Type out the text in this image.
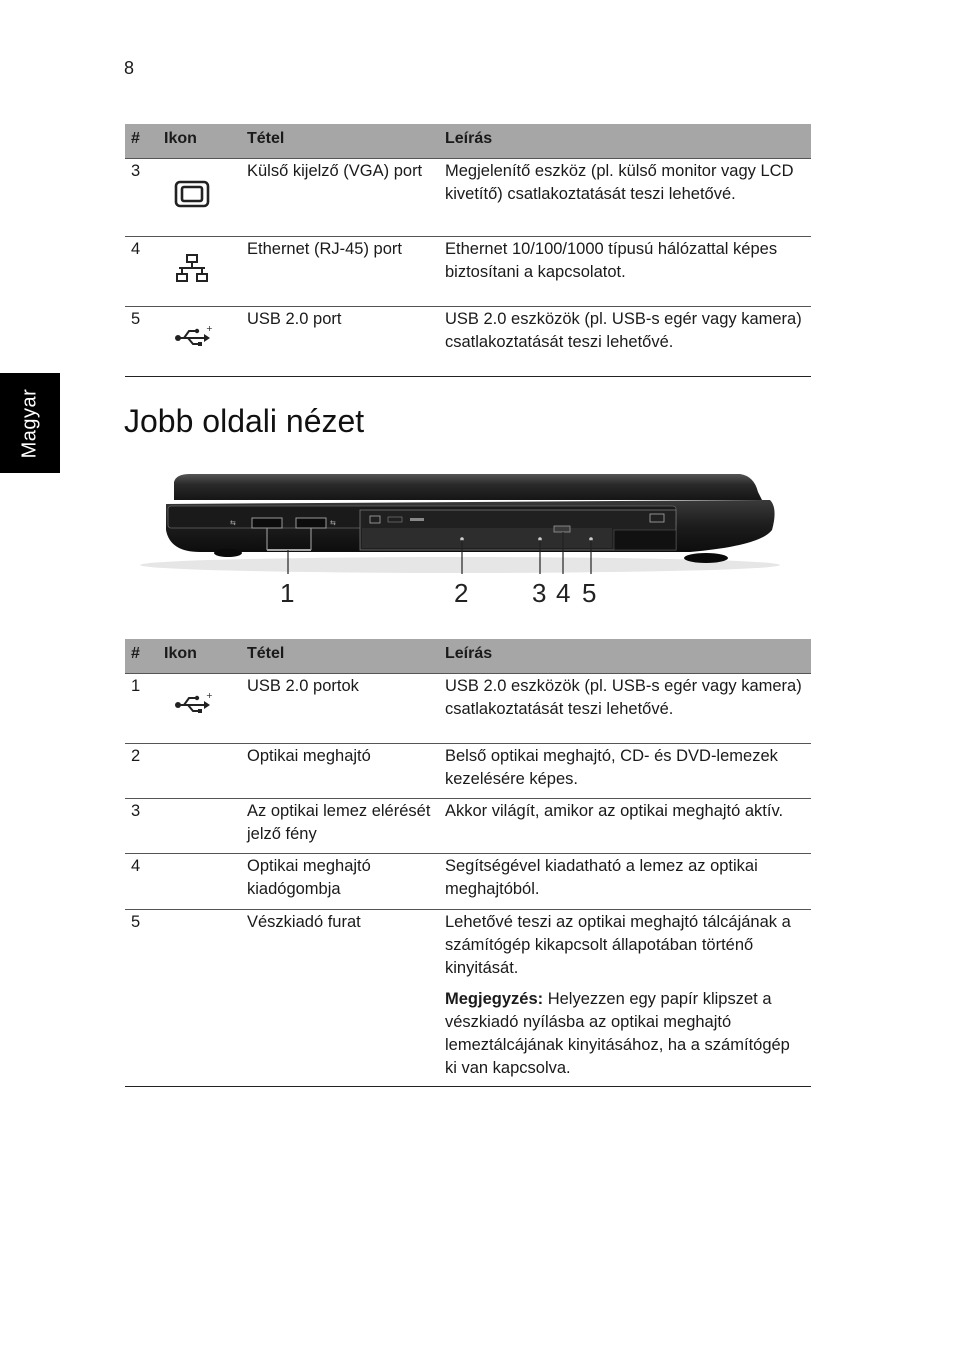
8
Magyar
#	Ikon	Tétel	Leírás
3		Külső kijelző (VGA) port	Megjelenítő eszköz (pl. külső monitor vagy LCD kivetítő) csatlakoztatását teszi lehetővé.
4		Ethernet (RJ-45) port	Ethernet 10/100/1000 típusú hálózattal képes biztosítani a kapcsolatot.
5	+	USB 2.0 port	USB 2.0 eszközök (pl. USB-s egér vagy kamera) csatlakoztatását teszi lehetővé.
Jobb oldali nézet
⇆	⇆
1	2 3 4 5
#	Ikon	Tétel	Leírás
1	+	USB 2.0 portok	USB 2.0 eszközök (pl. USB-s egér vagy kamera) csatlakoztatását teszi lehetővé.
2		Optikai meghajtó	Belső optikai meghajtó, CD- és DVD-lemezek kezelésére képes.
3		Az optikai lemez elérését jelző fény	Akkor világít, amikor az optikai meghajtó aktív.
4		Optikai meghajtó kiadógombja	Segítségével kiadatható a lemez az optikai meghajtóból.
5		Vészkiadó furat	Lehetővé teszi az optikai meghajtó tálcájának a számítógép kikapcsolt állapotában történő kinyitását.
Megjegyzés: Helyezzen egy papír klipszet a vészkiadó nyílásba az optikai meghajtó lemeztálcájának kinyitásához, ha a számítógép ki van kapcsolva.
